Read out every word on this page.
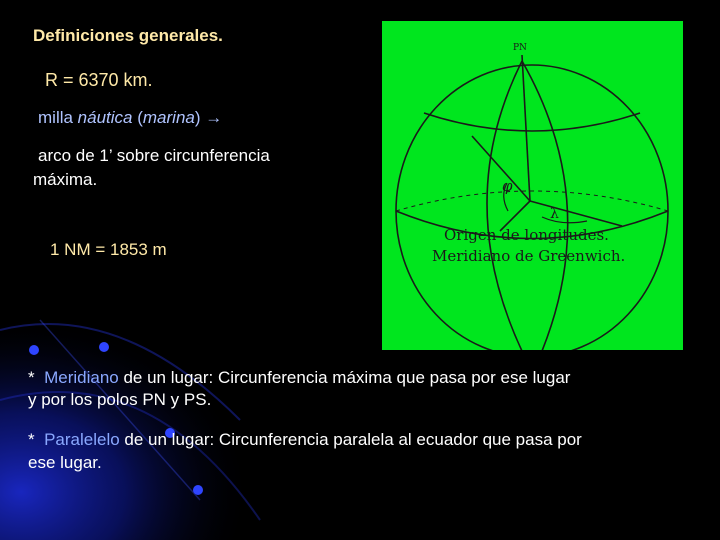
Definiciones generales.

R = 6370 km.

milla náutica (marina) →

arco de 1’ sobre circunferencia

máxima.

1 NM = 1853 m

PN
φ
λ
Origen de longitudes.
Meridiano de Greenwich.

* Meridiano de un lugar: Circunferencia máxima que pasa por ese lugar
y por los polos PN y PS.

* Paralelelo de un lugar: Circunferencia paralela al ecuador que pasa por
ese lugar.
